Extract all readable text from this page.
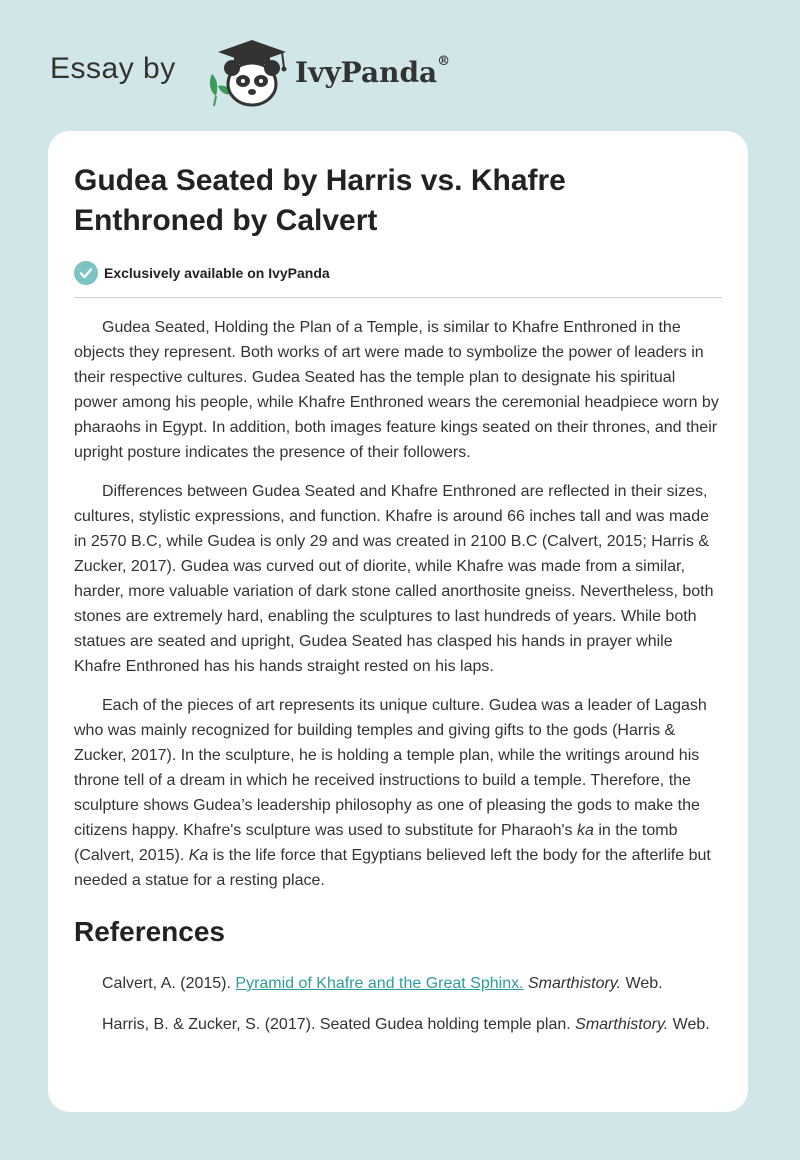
Essay by	IvyPanda®
Gudea Seated by Harris vs. Khafre Enthroned by Calvert
Exclusively available on IvyPanda

Gudea Seated, Holding the Plan of a Temple, is similar to Khafre Enthroned in the objects they represent. Both works of art were made to symbolize the power of leaders in their respective cultures. Gudea Seated has the temple plan to designate his spiritual power among his people, while Khafre Enthroned wears the ceremonial headpiece worn by pharaohs in Egypt. In addition, both images feature kings seated on their thrones, and their upright posture indicates the presence of their followers.

Differences between Gudea Seated and Khafre Enthroned are reflected in their sizes, cultures, stylistic expressions, and function. Khafre is around 66 inches tall and was made in 2570 B.C, while Gudea is only 29 and was created in 2100 B.C (Calvert, 2015; Harris & Zucker, 2017). Gudea was curved out of diorite, while Khafre was made from a similar, harder, more valuable variation of dark stone called anorthosite gneiss. Nevertheless, both stones are extremely hard, enabling the sculptures to last hundreds of years. While both statues are seated and upright, Gudea Seated has clasped his hands in prayer while Khafre Enthroned has his hands straight rested on his laps.

Each of the pieces of art represents its unique culture. Gudea was a leader of Lagash who was mainly recognized for building temples and giving gifts to the gods (Harris & Zucker, 2017). In the sculpture, he is holding a temple plan, while the writings around his throne tell of a dream in which he received instructions to build a temple. Therefore, the sculpture shows Gudea’s leadership philosophy as one of pleasing the gods to make the citizens happy. Khafre's sculpture was used to substitute for Pharaoh's ka in the tomb (Calvert, 2015). Ka is the life force that Egyptians believed left the body for the afterlife but needed a statue for a resting place.

References

Calvert, A. (2015). Pyramid of Khafre and the Great Sphinx. Smarthistory. Web.

Harris, B. & Zucker, S. (2017). Seated Gudea holding temple plan. Smarthistory. Web.
